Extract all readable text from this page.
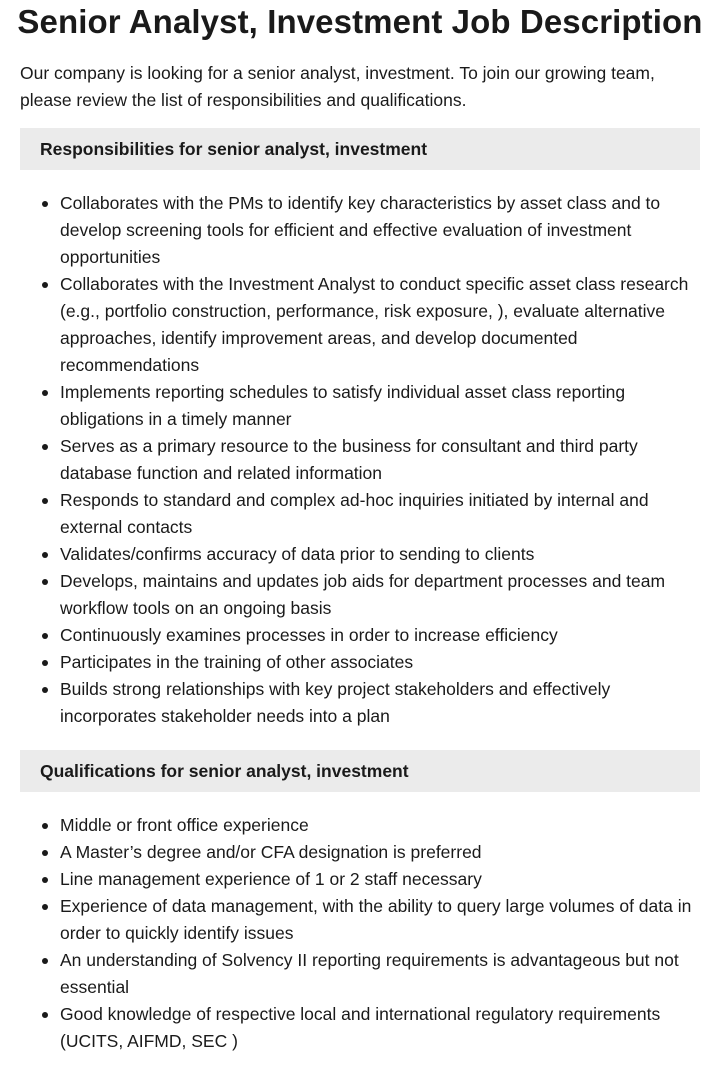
Senior Analyst, Investment Job Description

Our company is looking for a senior analyst, investment. To join our growing team, please review the list of responsibilities and qualifications.

Responsibilities for senior analyst, investment
Collaborates with the PMs to identify key characteristics by asset class and to develop screening tools for efficient and effective evaluation of investment opportunities
Collaborates with the Investment Analyst to conduct specific asset class research (e.g., portfolio construction, performance, risk exposure, ), evaluate alternative approaches, identify improvement areas, and develop documented recommendations
Implements reporting schedules to satisfy individual asset class reporting obligations in a timely manner
Serves as a primary resource to the business for consultant and third party database function and related information
Responds to standard and complex ad-hoc inquiries initiated by internal and external contacts
Validates/confirms accuracy of data prior to sending to clients
Develops, maintains and updates job aids for department processes and team workflow tools on an ongoing basis
Continuously examines processes in order to increase efficiency
Participates in the training of other associates
Builds strong relationships with key project stakeholders and effectively incorporates stakeholder needs into a plan
Qualifications for senior analyst, investment
Middle or front office experience
A Master’s degree and/or CFA designation is preferred
Line management experience of 1 or 2 staff necessary
Experience of data management, with the ability to query large volumes of data in order to quickly identify issues
An understanding of Solvency II reporting requirements is advantageous but not essential
Good knowledge of respective local and international regulatory requirements (UCITS, AIFMD, SEC )
